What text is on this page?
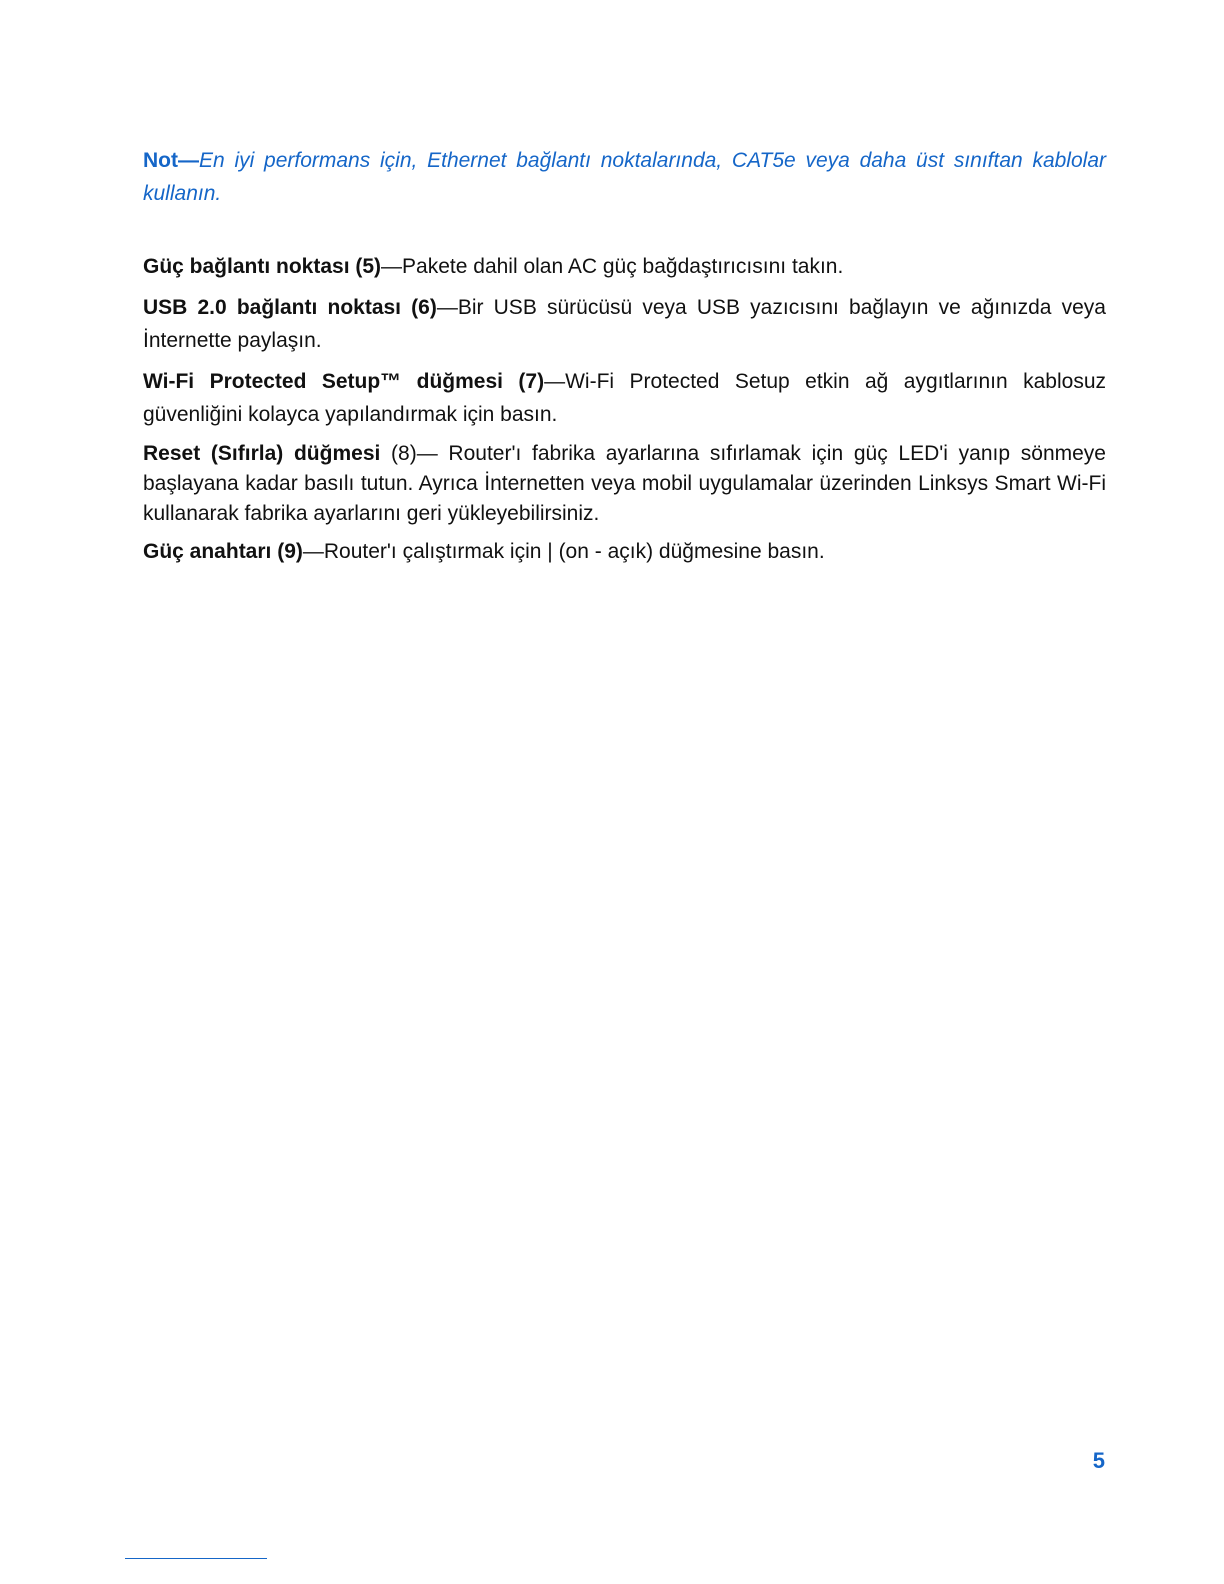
Not—En iyi performans için, Ethernet bağlantı noktalarında, CAT5e veya daha üst sınıftan kablolar kullanın.

Güç bağlantı noktası (5)—Pakete dahil olan AC güç bağdaştırıcısını takın.

USB 2.0 bağlantı noktası (6)—Bir USB sürücüsü veya USB yazıcısını bağlayın ve ağınızda veya İnternette paylaşın.

Wi-Fi Protected Setup™ düğmesi (7)—Wi-Fi Protected Setup etkin ağ aygıtlarının kablosuz güvenliğini kolayca yapılandırmak için basın.

Reset (Sıfırla) düğmesi (8)— Router'ı fabrika ayarlarına sıfırlamak için güç LED'i yanıp sönmeye başlayana kadar basılı tutun. Ayrıca İnternetten veya mobil uygulamalar üzerinden Linksys Smart Wi-Fi kullanarak fabrika ayarlarını geri yükleyebilirsiniz.

Güç anahtarı (9)—Router'ı çalıştırmak için | (on - açık) düğmesine basın.

5
